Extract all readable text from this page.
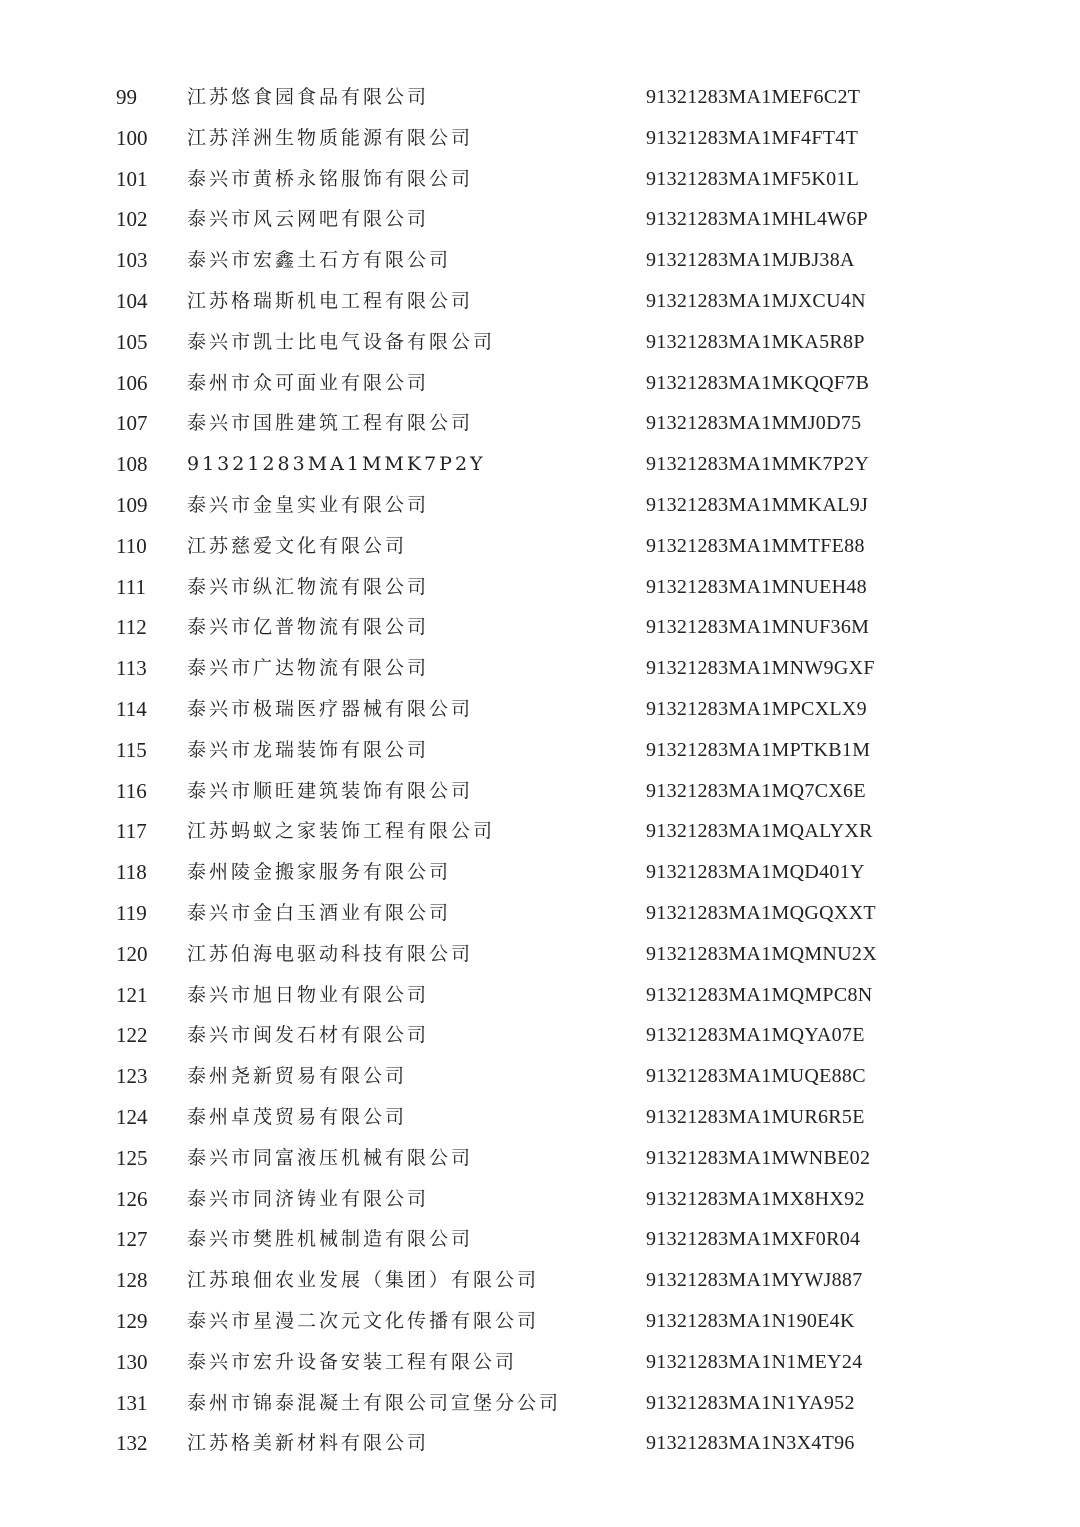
99	江苏悠食园食品有限公司	91321283MA1MEF6C2T
100	江苏洋洲生物质能源有限公司	91321283MA1MF4FT4T
101	泰兴市黄桥永铭服饰有限公司	91321283MA1MF5K01L
102	泰兴市风云网吧有限公司	91321283MA1MHL4W6P
103	泰兴市宏鑫土石方有限公司	91321283MA1MJBJ38A
104	江苏格瑞斯机电工程有限公司	91321283MA1MJXCU4N
105	泰兴市凯士比电气设备有限公司	91321283MA1MKA5R8P
106	泰州市众可面业有限公司	91321283MA1MKQQF7B
107	泰兴市国胜建筑工程有限公司	91321283MA1MMJ0D75
108	91321283MA1MMK7P2Y	91321283MA1MMK7P2Y
109	泰兴市金皇实业有限公司	91321283MA1MMKAL9J
110	江苏慈爱文化有限公司	91321283MA1MMTFE88
111	泰兴市纵汇物流有限公司	91321283MA1MNUEH48
112	泰兴市亿普物流有限公司	91321283MA1MNUF36M
113	泰兴市广达物流有限公司	91321283MA1MNW9GXF
114	泰兴市极瑞医疗器械有限公司	91321283MA1MPCXLX9
115	泰兴市龙瑞装饰有限公司	91321283MA1MPTKB1M
116	泰兴市顺旺建筑装饰有限公司	91321283MA1MQ7CX6E
117	江苏蚂蚁之家装饰工程有限公司	91321283MA1MQALYXR
118	泰州陵金搬家服务有限公司	91321283MA1MQD401Y
119	泰兴市金白玉酒业有限公司	91321283MA1MQGQXXT
120	江苏伯海电驱动科技有限公司	91321283MA1MQMNU2X
121	泰兴市旭日物业有限公司	91321283MA1MQMPC8N
122	泰兴市闽发石材有限公司	91321283MA1MQYA07E
123	泰州尧新贸易有限公司	91321283MA1MUQE88C
124	泰州卓茂贸易有限公司	91321283MA1MUR6R5E
125	泰兴市同富液压机械有限公司	91321283MA1MWNBE02
126	泰兴市同济铸业有限公司	91321283MA1MX8HX92
127	泰兴市樊胜机械制造有限公司	91321283MA1MXF0R04
128	江苏琅佃农业发展（集团）有限公司	91321283MA1MYWJ887
129	泰兴市星漫二次元文化传播有限公司	91321283MA1N190E4K
130	泰兴市宏升设备安装工程有限公司	91321283MA1N1MEY24
131	泰州市锦泰混凝土有限公司宣堡分公司	91321283MA1N1YA952
132	江苏格美新材料有限公司	91321283MA1N3X4T96
